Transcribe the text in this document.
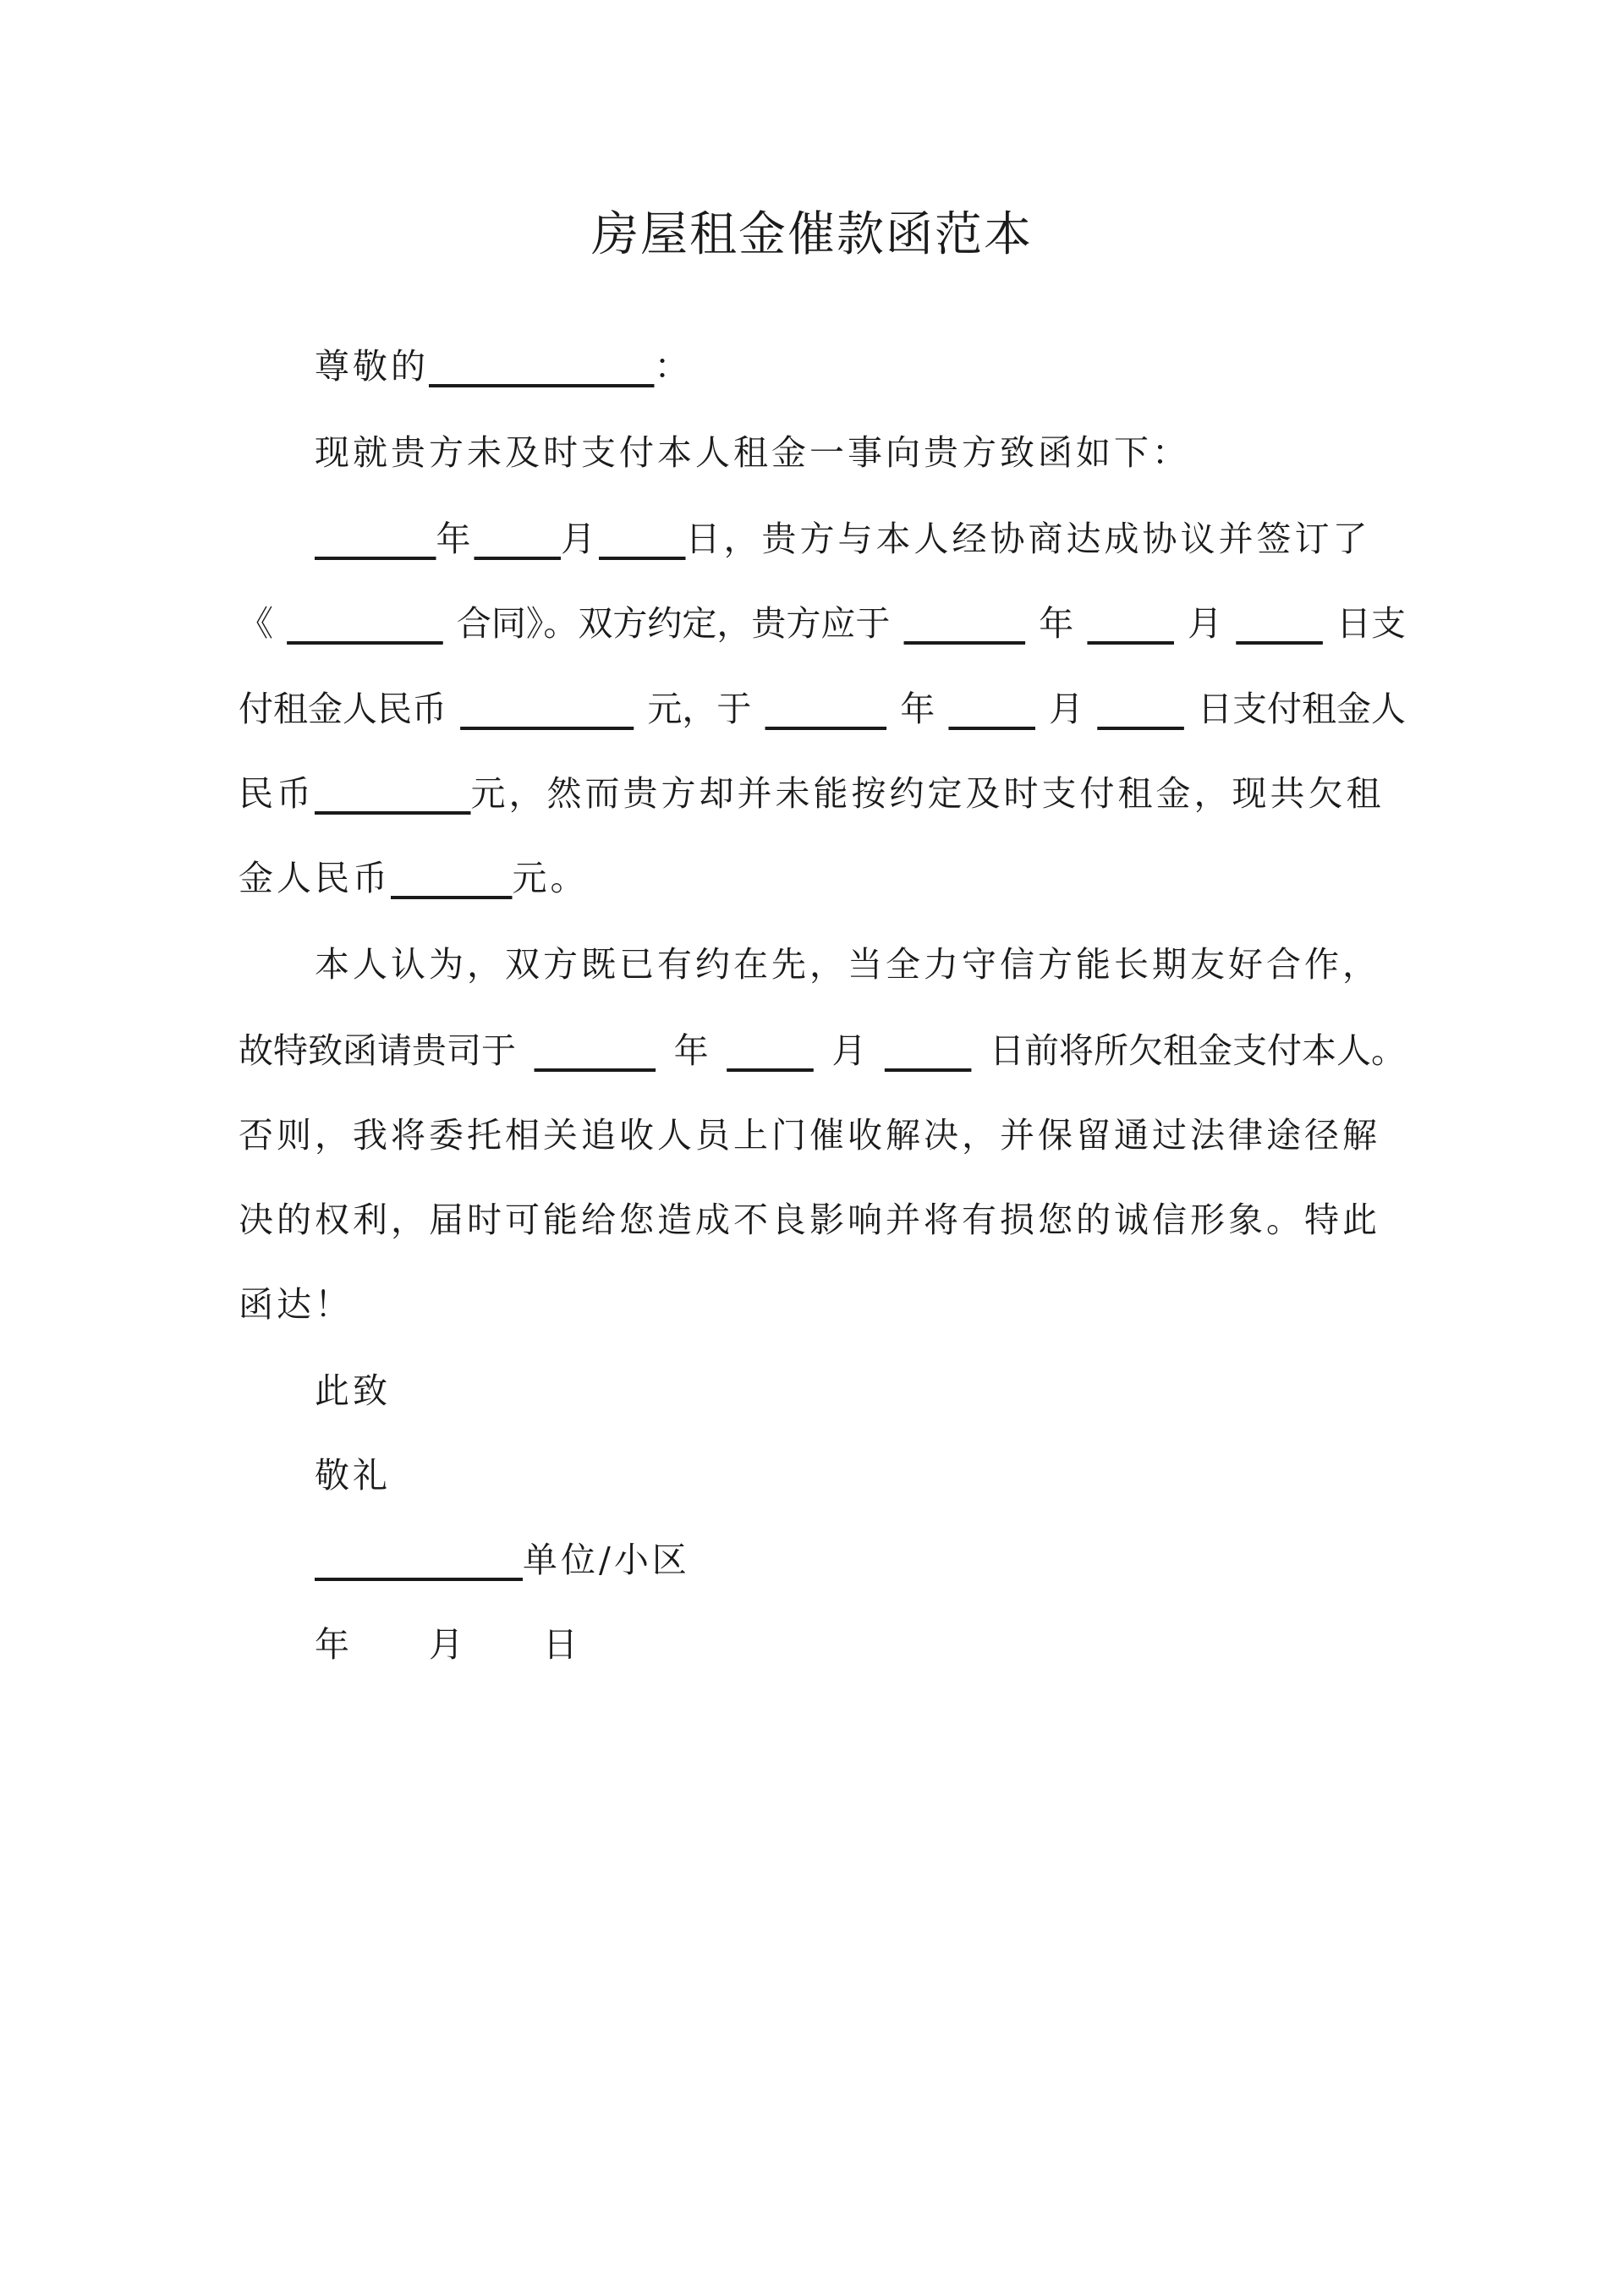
房屋租金催款函范本
尊敬的_____________：
现就贵方未及时支付本人租金一事向贵方致函如下：
_______年_____月_____日，贵方与本人经协商达成协议并签订了
《 _________ 合同》。双方约定，贵方应于 _______ 年 _____ 月 _____ 日支
付租金人民币 __________ 元，于 _______ 年 _____ 月 _____ 日支付租金人
民币_________元，然而贵方却并未能按约定及时支付租金，现共欠租
金人民币_______元。
本人认为，双方既已有约在先，当全力守信方能长期友好合作，
故特致函请贵司于 _______ 年 _____ 月 _____ 日前将所欠租金支付本人。
否则，我将委托相关追收人员上门催收解决，并保留通过法律途径解
决的权利，届时可能给您造成不良影响并将有损您的诚信形象。特此
函达！
此致
敬礼
____________单位/小区
年　　月　　日
